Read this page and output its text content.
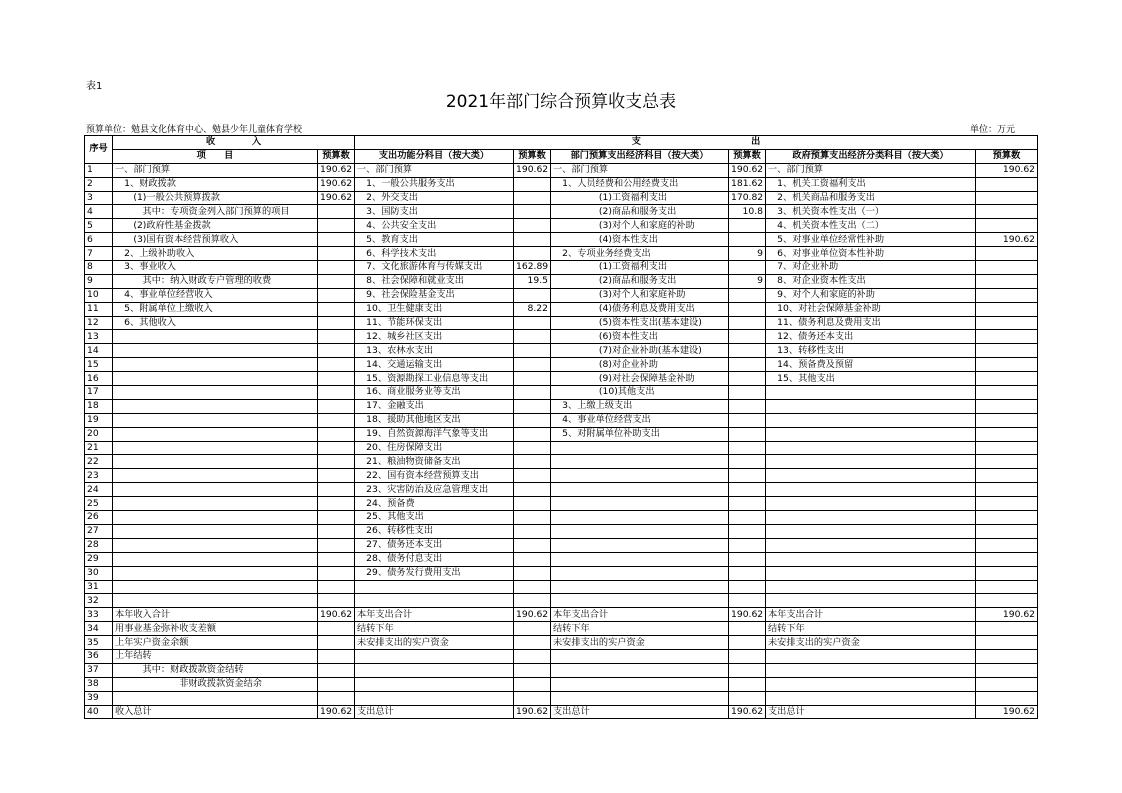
表1
2021年部门综合预算收支总表
预算单位：勉县文化体育中心、勉县少年儿童体育学校	单位：万元
序号	收　　　　入		支　　　　　　　　　　　　出					
	项　　目	预算数	支出功能分科目（按大类）	预算数	部门预算支出经济科目（按大类）	预算数	政府预算支出经济分类科目（按大类）	预算数
1	一、部门预算	190.62	一、部门预算	190.62	一、部门预算	190.62	一、部门预算	190.62
2	　1、财政拨款	190.62	　1、一般公共服务支出		　1、人员经费和公用经费支出	181.62	　1、机关工资福利支出	
3	　　(1)一般公共预算拨款	190.62	　2、外交支出		　　　　　(1)工资福利支出	170.82	　2、机关商品和服务支出	
4	　　　其中：专项资金列入部门预算的项目		　3、国防支出		　　　　　(2)商品和服务支出	10.8	　3、机关资本性支出（一）	
5	　　(2)政府性基金拨款		　4、公共安全支出		　　　　　(3)对个人和家庭的补助		　4、机关资本性支出（二）	
6	　　(3)国有资本经营预算收入		　5、教育支出		　　　　　(4)资本性支出		　5、对事业单位经常性补助	190.62
7	　2、上级补助收入		　6、科学技术支出		　2、专项业务经费支出	9	　6、对事业单位资本性补助	
8	　3、事业收入		　7、文化旅游体育与传媒支出	162.89	　　　　　(1)工资福利支出		　7、对企业补助	
9	　　　其中：纳入财政专户管理的收费		　8、社会保障和就业支出	19.5	　　　　　(2)商品和服务支出	9	　8、对企业资本性支出	
10	　4、事业单位经营收入		　9、社会保险基金支出		　　　　　(3)对个人和家庭补助		　9、对个人和家庭的补助	
11	　5、附属单位上缴收入		　10、卫生健康支出	8.22	　　　　　(4)债务利息及费用支出		　10、对社会保障基金补助	
12	　6、其他收入		　11、节能环保支出		　　　　　(5)资本性支出(基本建设)		　11、债务利息及费用支出	
13			　12、城乡社区支出		　　　　　(6)资本性支出		　12、债务还本支出	
14			　13、农林水支出		　　　　　(7)对企业补助(基本建设)		　13、转移性支出	
15			　14、交通运输支出		　　　　　(8)对企业补助		　14、预备费及预留	
16			　15、资源勘探工业信息等支出		　　　　　(9)对社会保障基金补助		　15、其他支出	
17			　16、商业服务业等支出		　　　　　(10)其他支出			
18			　17、金融支出		　3、上缴上级支出			
19			　18、援助其他地区支出		　4、事业单位经营支出			
20			　19、自然资源海洋气象等支出		　5、对附属单位补助支出			
21			　20、住房保障支出					
22			　21、粮油物资储备支出					
23			　22、国有资本经营预算支出					
24			　23、灾害防治及应急管理支出					
25			　24、预备费					
26			　25、其他支出					
27			　26、转移性支出					
28			　27、债务还本支出					
29			　28、债务付息支出					
30			　29、债务发行费用支出					
31								
32								
33	本年收入合计	190.62	本年支出合计	190.62	本年支出合计	190.62	本年支出合计	190.62
34	用事业基金弥补收支差额		结转下年		结转下年		结转下年	
35	上年实户资金余额		未安排支出的实户资金		未安排支出的实户资金		未安排支出的实户资金	
36	上年结转							
37	　　　其中：财政拨款资金结转							
38	　　　　　　　非财政拨款资金结余							
39								
40	收入总计	190.62	支出总计	190.62	支出总计	190.62	支出总计	190.62
